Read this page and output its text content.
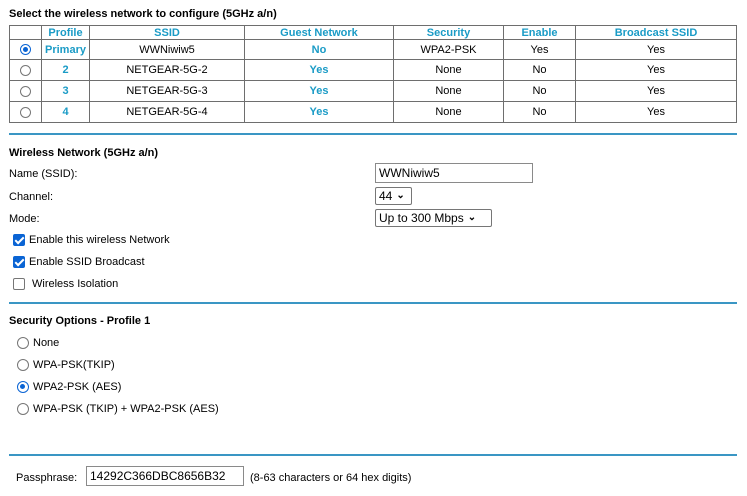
Select the wireless network to configure (5GHz a/n)
	Profile	SSID	Guest Network	Security	Enable	Broadcast SSID
	Primary	WWNiwiw5	No	WPA2-PSK	Yes	Yes
	2	NETGEAR-5G-2	Yes	None	No	Yes
	3	NETGEAR-5G-3	Yes	None	No	Yes
	4	NETGEAR-5G-4	Yes	None	No	Yes
Wireless Network (5GHz a/n)
Name (SSID):	WWNiwiw5
Channel:	44 ⌄
Mode:	Up to 300 Mbps ⌄
Enable this wireless Network
Enable SSID Broadcast
Wireless Isolation
Security Options - Profile 1
None
WPA-PSK(TKIP)
WPA2-PSK (AES)
WPA-PSK (TKIP) + WPA2-PSK (AES)
Passphrase:	14292C366DBC8656B32	(8-63 characters or 64 hex digits)
